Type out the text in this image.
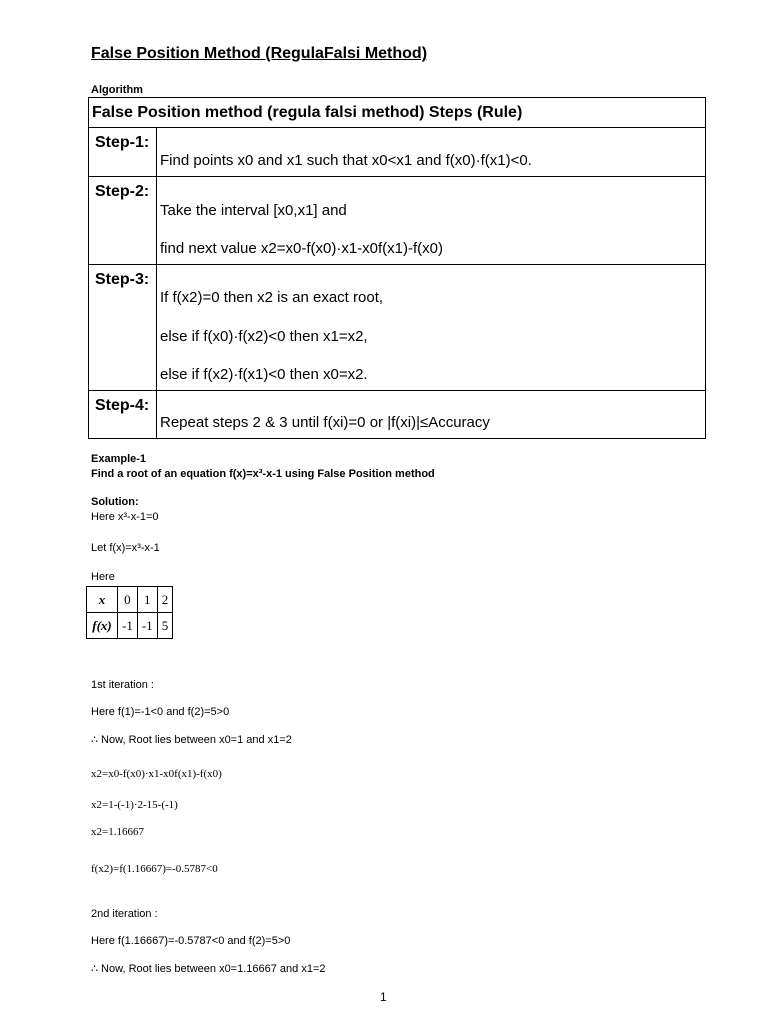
False Position Method (RegulaFalsi Method)
Algorithm
False Position method (regula falsi method) Steps (Rule)
Step-1:
Find points x0 and x1 such that x0<x1 and f(x0)·f(x1)<0.
Step-2:
Take the interval [x0,x1] and
find next value x2=x0-f(x0)·x1-x0f(x1)-f(x0)
Step-3:
If f(x2)=0 then x2 is an exact root,
else if f(x0)·f(x2)<0 then x1=x2,
else if f(x2)·f(x1)<0 then x0=x2.
Step-4:
Repeat steps 2 & 3 until f(xi)=0 or |f(xi)|≤Accuracy
Example-1
Find a root of an equation f(x)=x³-x-1 using False Position method
Solution:
Here x³-x-1=0
Let f(x)=x³-x-1
Here
x	0	1	2
f(x)	-1	-1	5
1st iteration :
Here f(1)=-1<0 and f(2)=5>0
∴ Now, Root lies between x0=1 and x1=2
x2=x0-f(x0)·x1-x0f(x1)-f(x0)
x2=1-(-1)·2-15-(-1)
x2=1.16667
f(x2)=f(1.16667)=-0.5787<0
2nd iteration :
Here f(1.16667)=-0.5787<0 and f(2)=5>0
∴ Now, Root lies between x0=1.16667 and x1=2
1
